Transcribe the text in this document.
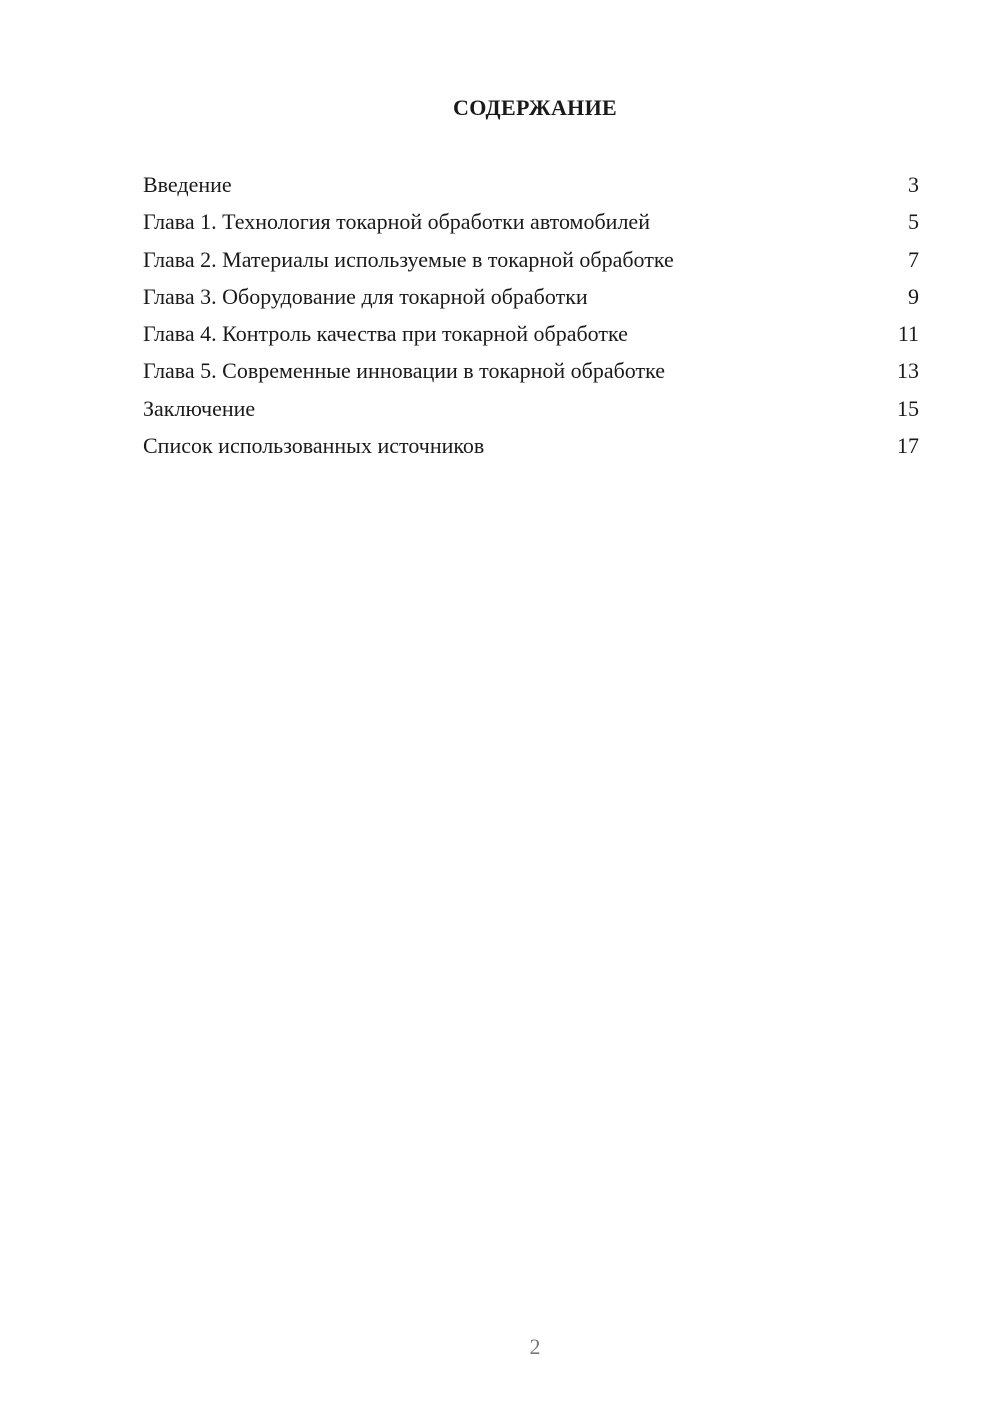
СОДЕРЖАНИЕ
Введение	3
Глава 1. Технология токарной обработки автомобилей	5
Глава 2. Материалы используемые в токарной обработке	7
Глава 3. Оборудование для токарной обработки	9
Глава 4. Контроль качества при токарной обработке	11
Глава 5. Современные инновации в токарной обработке	13
Заключение	15
Список использованных источников	17
2
